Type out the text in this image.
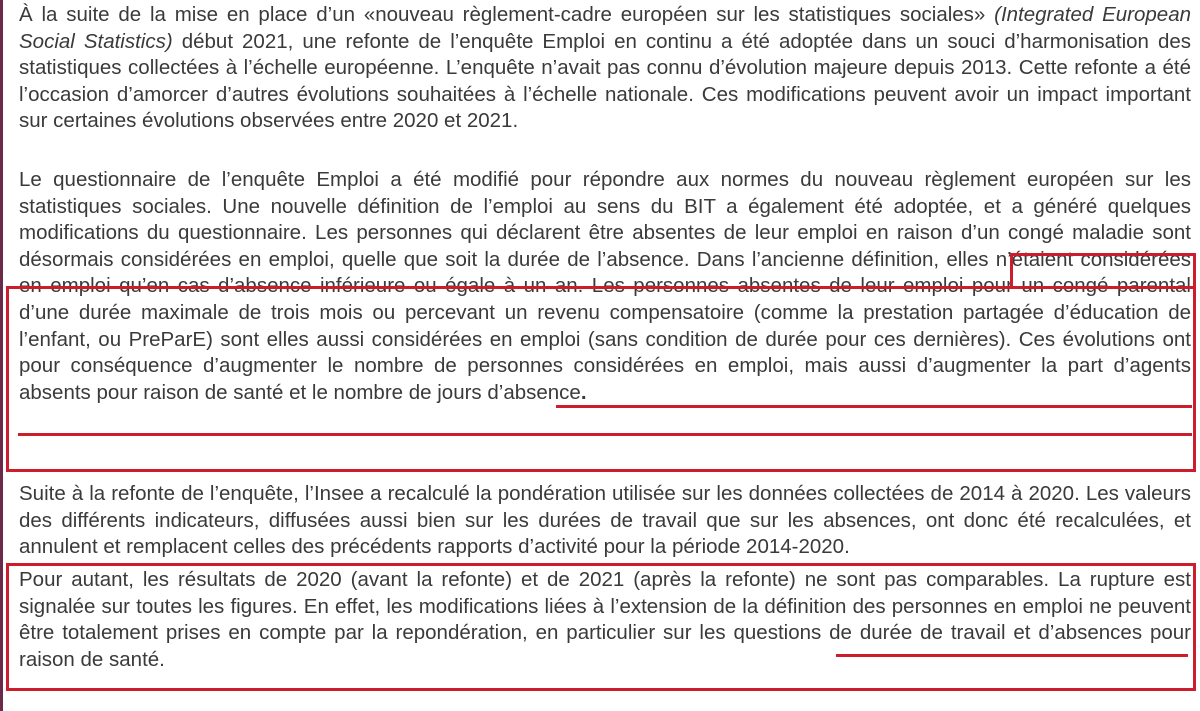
À la suite de la mise en place d’un «nouveau règlement-cadre européen sur les statistiques sociales» (Integrated European Social Statistics) début 2021, une refonte de l’enquête Emploi en continu a été adoptée dans un souci d’harmonisation des statistiques collectées à l’échelle européenne. L’enquête n’avait pas connu d’évolution majeure depuis 2013. Cette refonte a été l’occasion d’amorcer d’autres évolutions souhaitées à l’échelle nationale. Ces modifications peuvent avoir un impact important sur certaines évolutions observées entre 2020 et 2021.

Le questionnaire de l’enquête Emploi a été modifié pour répondre aux normes du nouveau règlement européen sur les statistiques sociales. Une nouvelle définition de l’emploi au sens du BIT a également été adoptée, et a généré quelques modifications du questionnaire. Les personnes qui déclarent être absentes de leur emploi en raison d’un congé maladie sont désormais considérées en emploi, quelle que soit la durée de l’absence. Dans l’ancienne définition, elles n’étaient considérées en emploi qu’en cas d’absence inférieure ou égale à un an. Les personnes absentes de leur emploi pour un congé parental d’une durée maximale de trois mois ou percevant un revenu compensatoire (comme la prestation partagée d’éducation de l’enfant, ou PreParE) sont elles aussi considérées en emploi (sans condition de durée pour ces dernières). Ces évolutions ont pour conséquence d’augmenter le nombre de personnes considérées en emploi, mais aussi d’augmenter la part d’agents absents pour raison de santé et le nombre de jours d’absence.

Suite à la refonte de l’enquête, l’Insee a recalculé la pondération utilisée sur les données collectées de 2014 à 2020. Les valeurs des différents indicateurs, diffusées aussi bien sur les durées de travail que sur les absences, ont donc été recalculées, et annulent et remplacent celles des précédents rapports d’activité pour la période 2014-2020.

Pour autant, les résultats de 2020 (avant la refonte) et de 2021 (après la refonte) ne sont pas comparables. La rupture est signalée sur toutes les figures. En effet, les modifications liées à l’extension de la définition des personnes en emploi ne peuvent être totalement prises en compte par la repondération, en particulier sur les questions de durée de travail et d’absences pour raison de santé.
